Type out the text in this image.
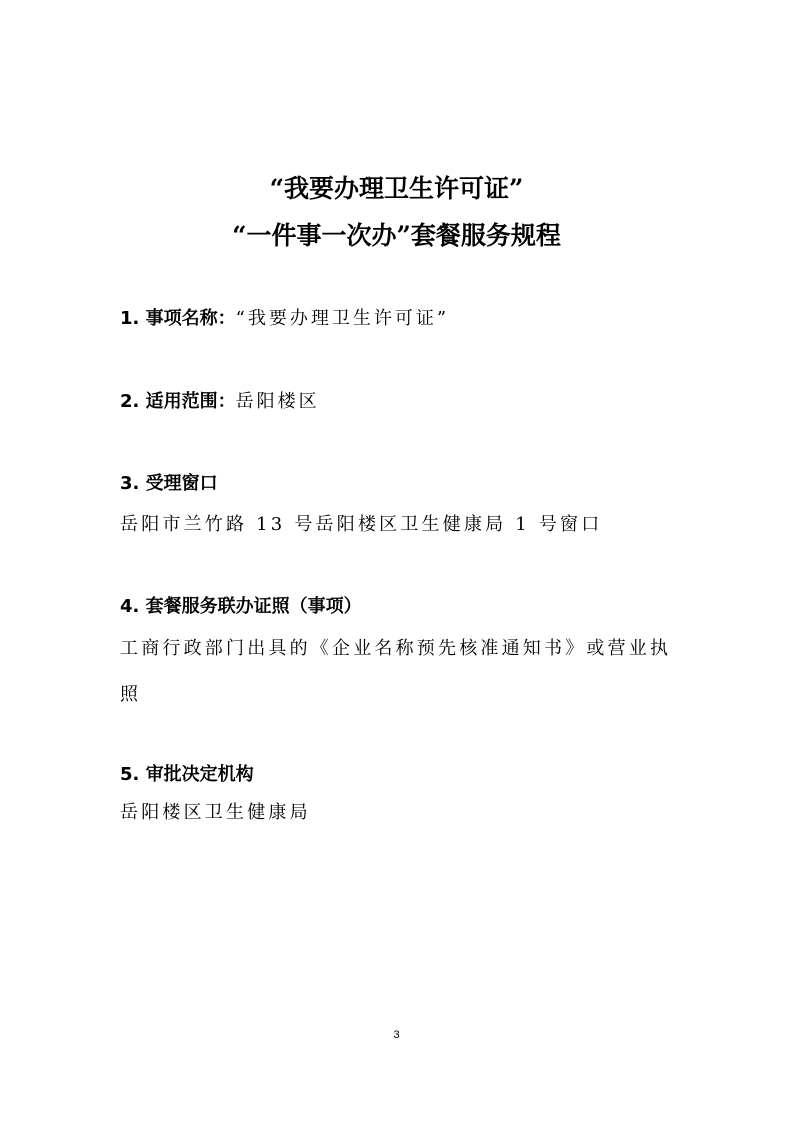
“我要办理卫生许可证”
“一件事一次办”套餐服务规程
1. 事项名称：“我要办理卫生许可证”
2. 适用范围：岳阳楼区
3. 受理窗口
岳阳市兰竹路 13 号岳阳楼区卫生健康局 1 号窗口
4. 套餐服务联办证照（事项）
工商行政部门出具的《企业名称预先核准通知书》或营业执
照
5. 审批决定机构
岳阳楼区卫生健康局
3
